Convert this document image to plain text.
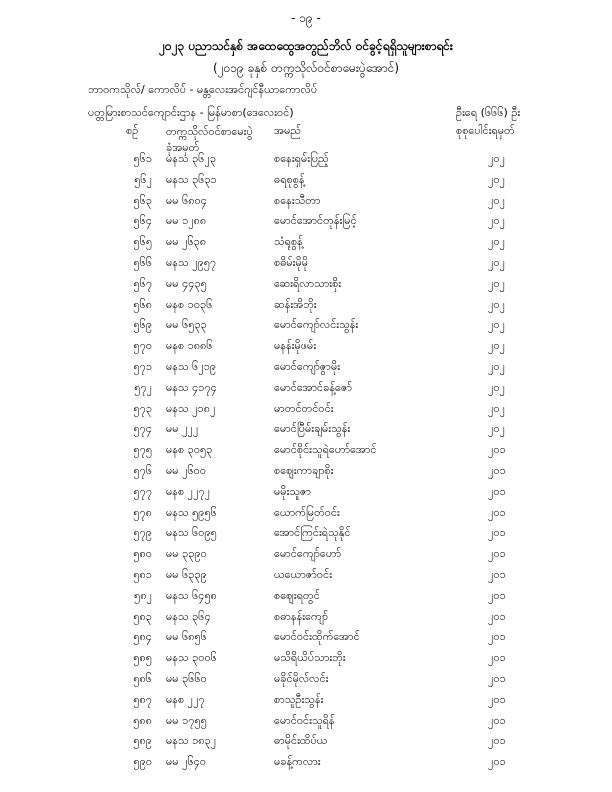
- ၁၉ -
၂၀၂၃ ပညာသင်နှစ် အထေထွေအတွည်ဘိလ် ဝင်ခွင့်ရရှိသူများစာရင်း
(၂၀၁၉ ခုနှစ် တက္ကသိုလ်ဝင်စာမေးပွဲအောင်)
ဘာဝကသိုလ်/ ကောလိပ် - မန္တလေးအင်ဂျင်နီယာကောလိပ်
ပတ္တမြားစာသင်ကျောင်းဌာန - မြန်မာစာ(ဒေလေးဝင်)	ဦးရေ (၆၆၆) ဦး
စဉ်	တက္ကသိုလ်ဝင်စာမေးပွဲ
ခုံအမှတ်
အမည်	စုစုပေါင်းရမှတ်
၅၆၁ မနသ ၃၆၂၃	စနေးရှမ်းပြည့်	၂၀၂
၅၆၂ မနသ ၃၆၃၁	ဓရစုစွန့်	၂၀၂
၅၆၃ မမ ၆၈၀၄	စနေးသီတာ	၂၀၂
၅၆၄ မမ ၁၂၈၈	မောင်အောင်တုန်းမြင့်	၂၀၂
၅၆၅ မမ ၂၆၃၈	သံရုစွန့်	၂၀၂
၅၆၆ မနသ ၂၉၅၇	စဓိမ်းမိုမို	၂၀၂
၅၆၇ မမ ၄၄၃၅	ဆေးရိလာသားစိုး	၂၀၂
၅၆၈ မနစ ၁၀၃၆	ဆန်းအိဘိုး	၂၀၂
၅၆၉ မမ ၆၅၃၃	မောင်ကျော်လင်းသွန်း	၂၀၂
၅၇၀ မနစ ၁၈၈၆	မနန်းမိုဖမ်း	၂၀၂
၅၇၁ မနသ ၆၂၁၉	မောင်ကျော်ဇွာမိုး	၂၀၂
၅၇၂ မနသ ၄၁၇၄	မောင်အောင်ခန့်ဇော်	၂၀၂
၅၇၃ မနသ ၂၁၈၂	မာတင်တင်ဝင်း	၂၀၂
၅၇၄ မမ ၂၂၂	မောင်ပြီမ်းချမ်းသွန်း	၂၀၂
၅၇၅ မနစ ၃၀၅၃	မောင်စိုင်းသူရဲဟော်အောင်	၂၀၁
၅၇၆ မမ ၂၆၀၀	စဈေးကာချာစိုး	၂၀၁
၅၇၇ မနစ ၂၂၇၂	မမိုးသူဇာ	၂၀၁
၅၇၈ မနသ ၅၉၅၆	ယောက်မြတ်ဝင်း	၂၀၁
၅၇၉ မနသ ၆၀၉၅	အောင်ကြင်းရဲသုနိုင်	၂၀၁
၅၈၀ မမ ၃၃၉၀	မောင်ကျော်ဟော်	၂၀၁
၅၈၁ မမ ၆၃၃၉	ယယောဇာ်ဝင်း	၂၀၁
၅၈၂ မနသ ၆၄၅၈	စဈေးရတွင်	၂၀၁
၅၈၃ မနသ ၃၆၄	စဓာနန်းကျော်	၂၀၁
၅၈၄ မမ ၆၈၅၆	မောင်ဝင်းထိုက်အောင်	၂၀၁
၅၈၅ မနသ ၃၀၀၆	မသိရိယိပ်သားဘိုး	၂၀၁
၅၈၆ မမ ၃၆၆၀	မခိုင်မိုလ်လင်း	၂၀၁
၅၈၇ မနစ ၂၂၇	စာသူဦးသွန်း	၂၀၁
၅၈၈ မမ ၁၇၅၅	မောင်ဝင်းသူရိန်	၂၀၁
၅၈၉ မနသ ၁၈၃၂	ဓာမိုင်းထိပ်ယ	၂၀၁
၅၉၀ မမ ၂၆၄၀	မခန့်ကလား	၂၀၁
